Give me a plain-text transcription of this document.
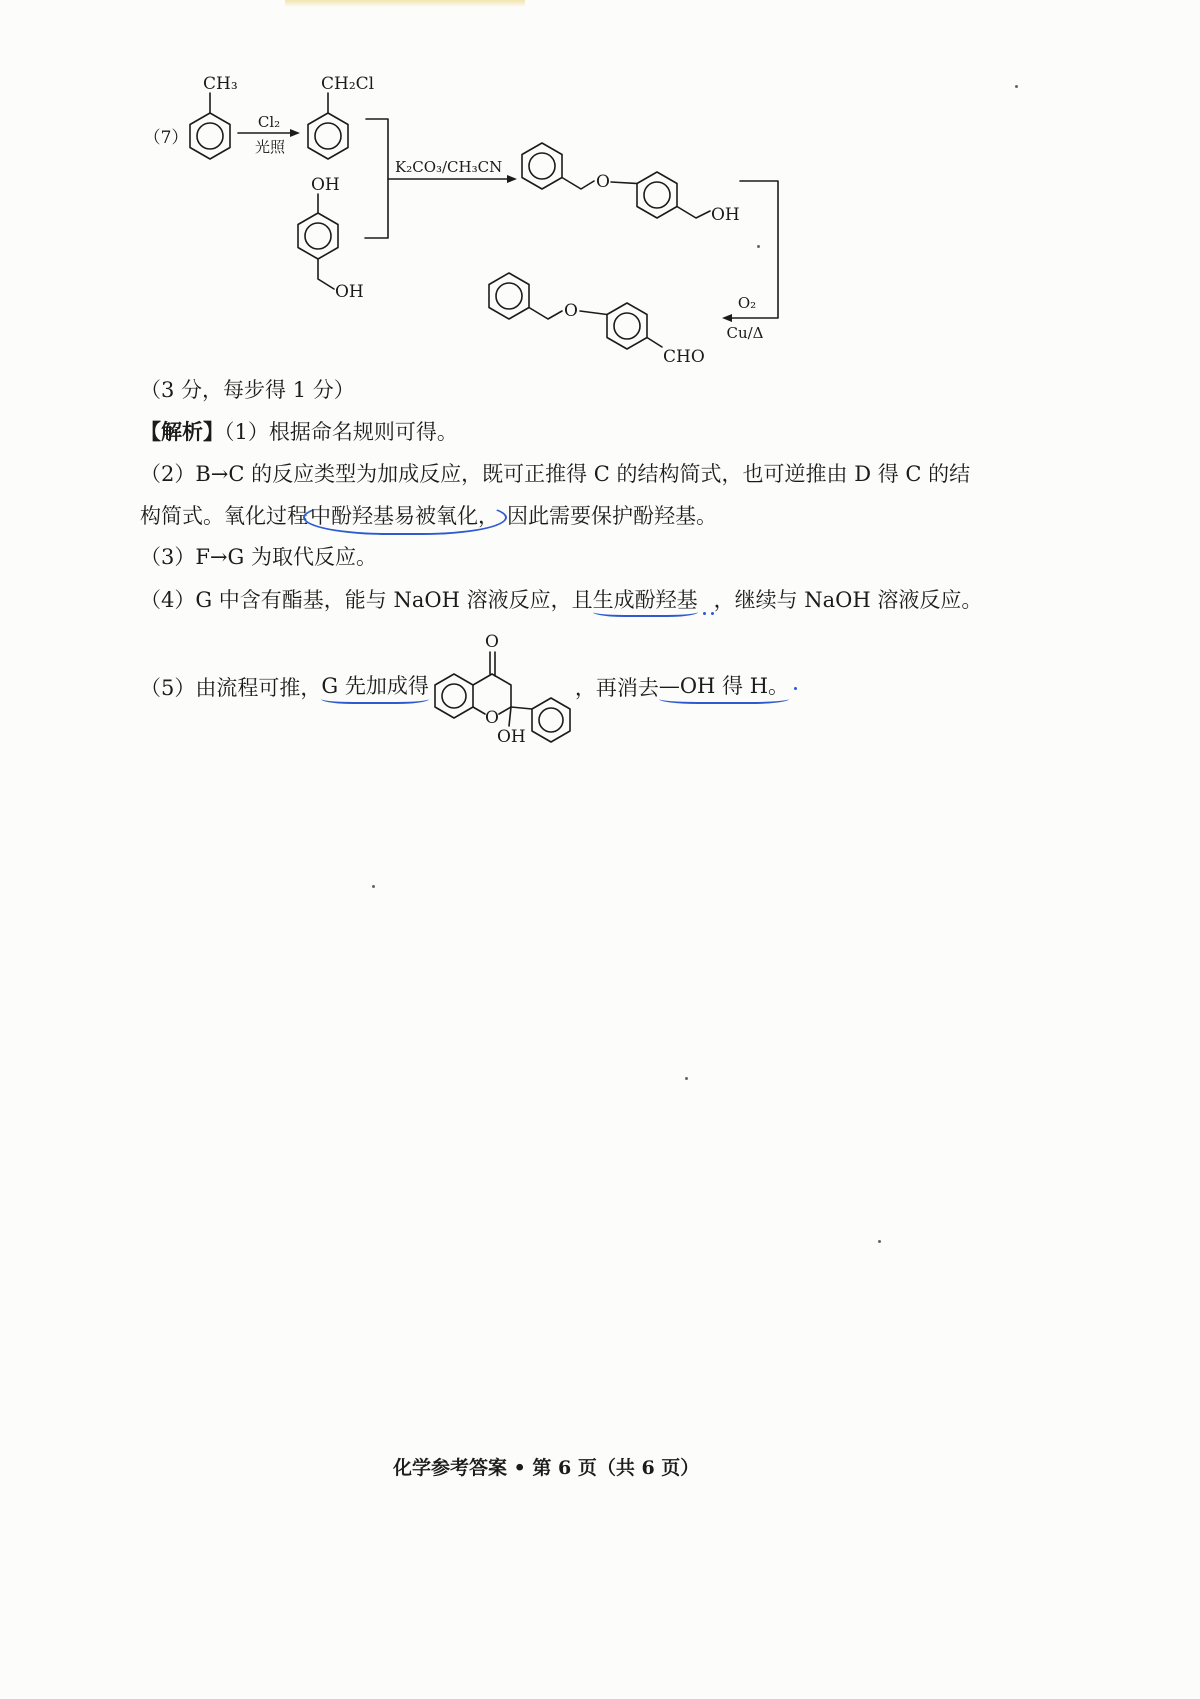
（7）
CH₃
Cl₂
光照
CH₂Cl
OH
OH
K₂CO₃/CH₃CN
O
OH
O₂
Cu/Δ
O
CHO
（3 分，每步得 1 分）
【解析】（1）根据命名规则可得。
（2）B→C 的反应类型为加成反应，既可正推得 C 的结构简式，也可逆推由 D 得 C 的结
构简式。氧化过程中酚羟基易被氧化， 因此需要保护酚羟基。
（3）F→G 为取代反应。
（4）G 中含有酯基，能与 NaOH 溶液反应，且生成酚羟基 ，继续与 NaOH 溶液反应。
（5）由流程可推， G 先加成得
O
O
OH
，再消去 —OH 得 H。
化学参考答案 • 第 6 页（共 6 页）
